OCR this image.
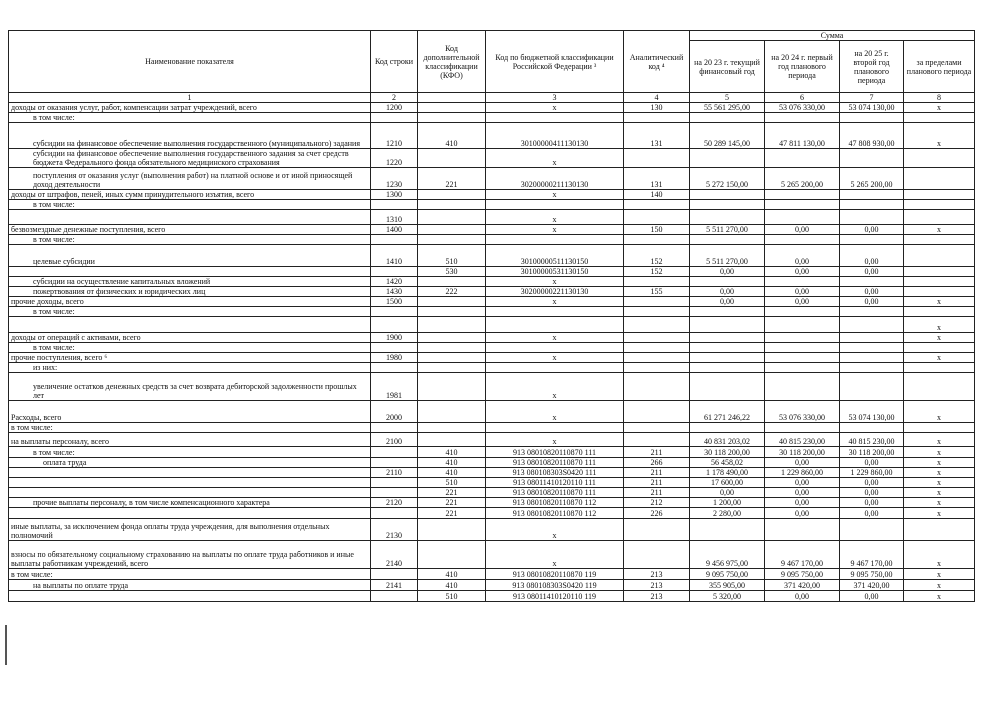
Наименование показателя	Код строки	Код дополнительной классификации (КФО)	Код по бюджетной классификации Российской Федерации ³	Аналитический код ⁴	Сумма			
					на 20 23 г. текущий финансовый год	на 20 24 г. первый год планового периода	на 20 25 г. второй год планового периода	за пределами планового периода
1	2		3	4	5	6	7	8
доходы от оказания услуг, работ, компенсации затрат учреждений, всего	1200		x	130	55 561 295,00	53 076 330,00	53 074 130,00	x
в том числе:								
субсидии на финансовое обеспечение выполнения государственного (муниципального) задания	1210	410	30100000411130130	131	50 289 145,00	47 811 130,00	47 808 930,00	x
субсидии на финансовое обеспечение выполнения государственного задания за счет средств бюджета Федерального фонда обязательного медицинского страхования	1220		x					
поступления от оказания услуг (выполнения работ) на платной основе и от иной приносящей доход деятельности	1230	221	30200000211130130	131	5 272 150,00	5 265 200,00	5 265 200,00	
доходы от штрафов, пеней, иных сумм принудительного изъятия, всего	1300		x	140				
в том числе:								
	1310		x					
безвозмездные денежные поступления, всего	1400		x	150	5 511 270,00	0,00	0,00	x
в том числе:								
целевые субсидии	1410	510	30100000511130150	152	5 511 270,00	0,00	0,00	
		530	30100000531130150	152	0,00	0,00	0,00	
субсидии на осуществление капитальных вложений	1420		x					
пожертвования от физических и юридических лиц	1430	222	30200000221130130	155	0,00	0,00	0,00	
прочие доходы, всего	1500		x		0,00	0,00	0,00	x
в том числе:								
								x
доходы от операций с активами, всего	1900		x					x
в том числе:								
прочие поступления, всего ⁶	1980		x					x
из них:								
увеличение остатков денежных средств за счет возврата дебиторской задолженности прошлых лет	1981		x					
Расходы, всего	2000		x		61 271 246,22	53 076 330,00	53 074 130,00	x
в том числе:								
на выплаты персоналу, всего	2100		x		40 831 203,02	40 815 230,00	40 815 230,00	x
в том числе:		410	913 08010820110870 111	211	30 118 200,00	30 118 200,00	30 118 200,00	x
оплата труда		410	913 08010820110870 111	266	56 458,02	0,00	0,00	x
	2110	410	913 080108303S0420 111	211	1 178 490,00	1 229 860,00	1 229 860,00	x
		510	913 08011410120110 111	211	17 600,00	0,00	0,00	x
		221	913 08010820110870 111	211	0,00	0,00	0,00	x
прочие выплаты персоналу, в том числе компенсационного характера	2120	221	913 08010820110870 112	212	1 200,00	0,00	0,00	x
		221	913 08010820110870 112	226	2 280,00	0,00	0,00	x
иные выплаты, за исключением фонда оплаты труда учреждения, для выполнения отдельных полномочий	2130		x					
взносы по обязательному социальному страхованию на выплаты по оплате труда работников и иные выплаты работникам учреждений, всего	2140		x		9 456 975,00	9 467 170,00	9 467 170,00	x
в том числе:		410	913 08010820110870 119	213	9 095 750,00	9 095 750,00	9 095 750,00	x
на выплаты по оплате труда	2141	410	913 080108303S0420 119	213	355 905,00	371 420,00	371 420,00	x
		510	913 08011410120110 119	213	5 320,00	0,00	0,00	x
